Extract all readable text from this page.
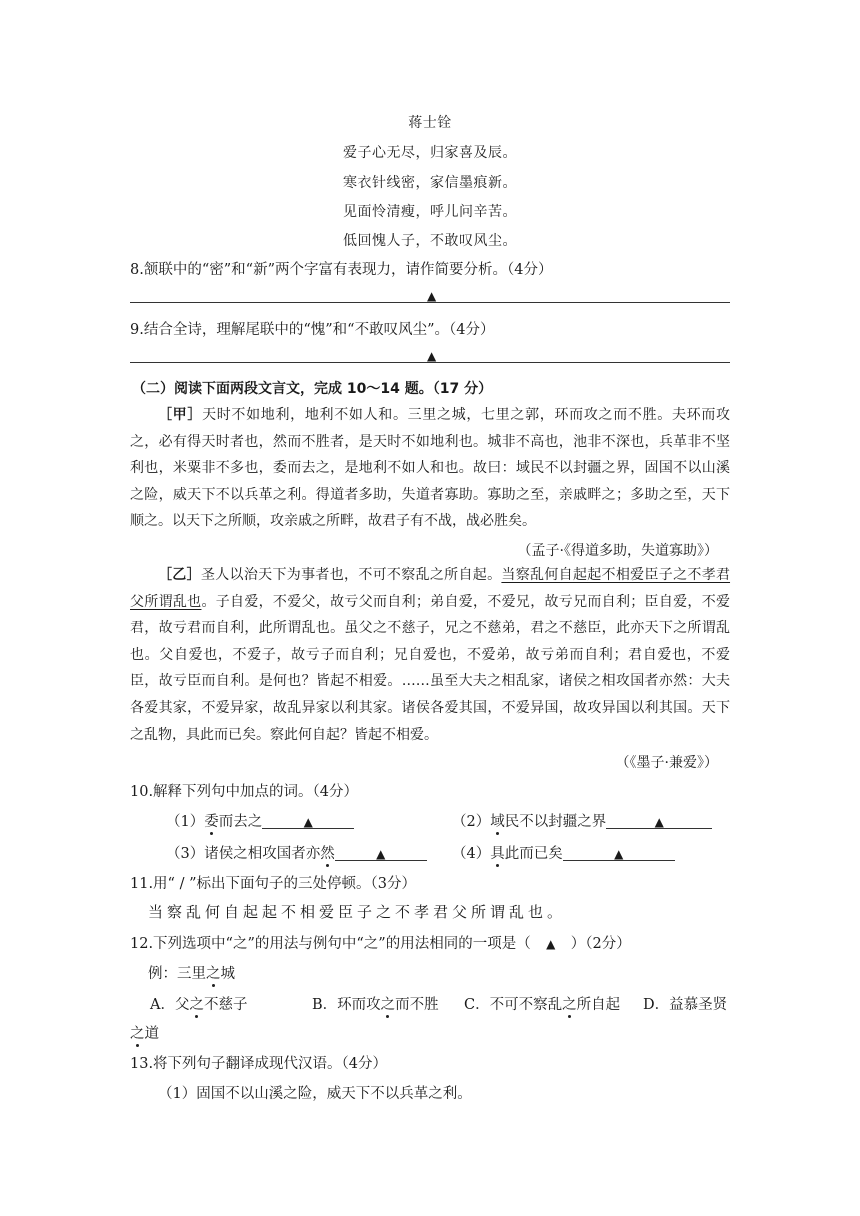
蒋士铨
爱子心无尽，归家喜及辰。
寒衣针线密，家信墨痕新。
见面怜清瘦，呼儿问辛苦。
低回愧人子，不敢叹风尘。
8.颔联中的“密”和“新”两个字富有表现力，请作简要分析。（4分）
▲
9.结合全诗，理解尾联中的“愧”和“不敢叹风尘”。（4分）
▲
（二）阅读下面两段文言文，完成 10～14 题。（17 分）
［甲］天时不如地利，地利不如人和。三里之城，七里之郭，环而攻之而不胜。夫环而攻之，必有得天时者也，然而不胜者，是天时不如地利也。城非不高也，池非不深也，兵革非不坚利也，米粟非不多也，委而去之，是地利不如人和也。故曰：域民不以封疆之界，固国不以山溪之险，威天下不以兵革之利。得道者多助，失道者寡助。寡助之至，亲戚畔之；多助之至，天下顺之。以天下之所顺，攻亲戚之所畔，故君子有不战，战必胜矣。
（孟子·《得道多助，失道寡助》）
［乙］圣人以治天下为事者也，不可不察乱之所自起。当察乱何自起起不相爱臣子之不孝君父所谓乱也。子自爱，不爱父，故亏父而自利；弟自爱，不爱兄，故亏兄而自利；臣自爱，不爱君，故亏君而自利，此所谓乱也。虽父之不慈子，兄之不慈弟，君之不慈臣，此亦天下之所谓乱也。父自爱也，不爱子，故亏子而自利；兄自爱也，不爱弟，故亏弟而自利；君自爱也，不爱臣，故亏臣而自利。是何也？皆起不相爱。……虽至大夫之相乱家，诸侯之相攻国者亦然：大夫各爱其家，不爱异家，故乱异家以利其家。诸侯各爱其国，不爱异国，故攻异国以利其国。天下之乱物，具此而已矣。察此何自起？皆起不相爱。
（《墨子·兼爱》）
10.解释下列句中加点的词。（4分）
（1）委而去之	▲	（2）域民不以封疆之界	▲
（3）诸侯之相攻国者亦然	▲	（4）具此而已矣	▲
11.用“ / ”标出下面句子的三处停顿。（3分）
当察乱何自起起不相爱臣子之不孝君父所谓乱也。
12.下列选项中“之”的用法与例句中“之”的用法相同的一项是（ ▲ ）（2分）
例：三里之城
A．父之不慈子	B．环而攻之而不胜 C．不可不察乱之所自起 D．益慕圣贤
之道
13.将下列句子翻译成现代汉语。（4分）
（1）固国不以山溪之险，威天下不以兵革之利。
